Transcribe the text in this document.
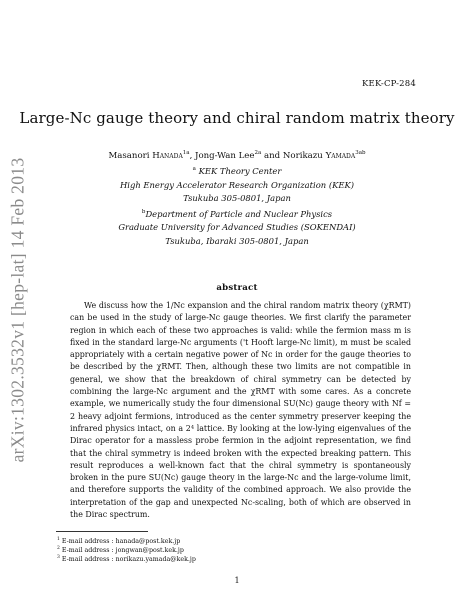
arXiv:1302.3532v1 [hep-lat] 14 Feb 2013
KEK-CP-284
Large-Nc gauge theory and chiral random matrix theory
Masanori Hanada$^{1a}$, Jong-Wan Lee$^{2a}$ and Norikazu Yamada$^{3ab}$
$^a$ KEK Theory Center
High Energy Accelerator Research Organization (KEK)
Tsukuba 305-0801, Japan
$^b$Department of Particle and Nuclear Physics
Graduate University for Advanced Studies (SOKENDAI)
Tsukuba, Ibaraki 305-0801, Japan
abstract

We discuss how the 1/Nc expansion and the chiral random matrix theory (χRMT) can be used in the study of large-Nc gauge theories. We first clarify the parameter region in which each of these two approaches is valid: while the fermion mass m is fixed in the standard large-Nc arguments ('t Hooft large-Nc limit), m must be scaled appropriately with a certain negative power of Nc in order for the gauge theories to be described by the χRMT. Then, although these two limits are not compatible in general, we show that the breakdown of chiral symmetry can be detected by combining the large-Nc argument and the χRMT with some cares. As a concrete example, we numerically study the four dimensional SU(Nc) gauge theory with Nf = 2 heavy adjoint fermions, introduced as the center symmetry preserver keeping the infrared physics intact, on a 2⁴ lattice. By looking at the low-lying eigenvalues of the Dirac operator for a massless probe fermion in the adjoint representation, we find that the chiral symmetry is indeed broken with the expected breaking pattern. This result reproduces a well-known fact that the chiral symmetry is spontaneously broken in the pure SU(Nc) gauge theory in the large-Nc and the large-volume limit, and therefore supports the validity of the combined approach. We also provide the interpretation of the gap and unexpected Nc-scaling, both of which are observed in the Dirac spectrum.

$^1$ E-mail address : hanada@post.kek.jp
$^2$ E-mail address : jongwan@post.kek.jp
$^3$ E-mail address : norikazu.yamada@kek.jp
1
